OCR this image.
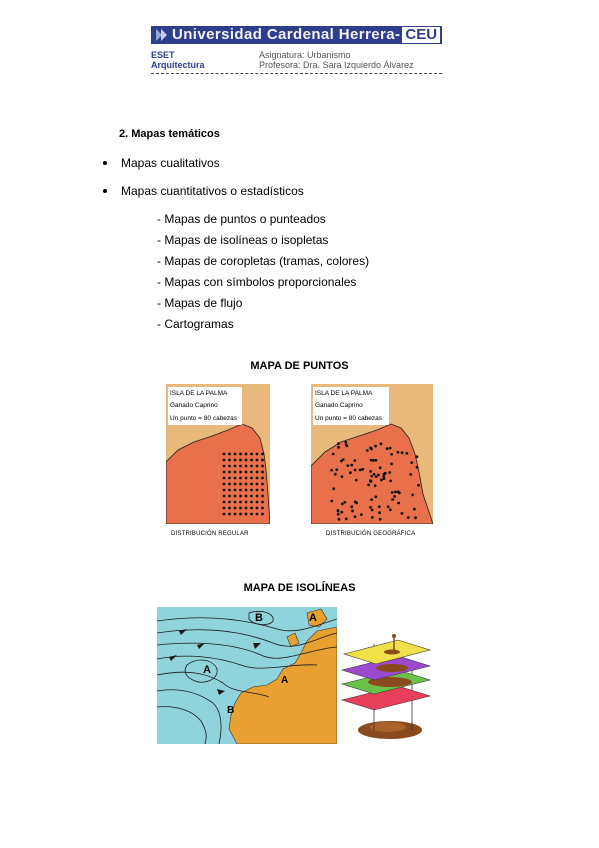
Universidad Cardenal Herrera- CEU
ESET
Arquitectura
Asignatura: Urbanismo
Profesora: Dra. Sara Izquierdo Álvarez
2. Mapas temáticos
Mapas cualitativos
Mapas cuantitativos o estadísticos
- Mapas de puntos o punteados
- Mapas de isolíneas o isopletas
- Mapas de coropletas (tramas, colores)
- Mapas con símbolos proporcionales
- Mapas de flujo
- Cartogramas
MAPA DE PUNTOS
ISLA DE LA PALMA
Ganado Caprino
Un punto = 80 cabezas
DISTRIBUCIÓN REGULAR
ISLA DE LA PALMA
Ganado Caprino
Un punto = 80 cabezas
DISTRIBUCIÓN GEOGRÁFICA
MAPA DE ISOLÍNEAS
A
B	A
A
B
